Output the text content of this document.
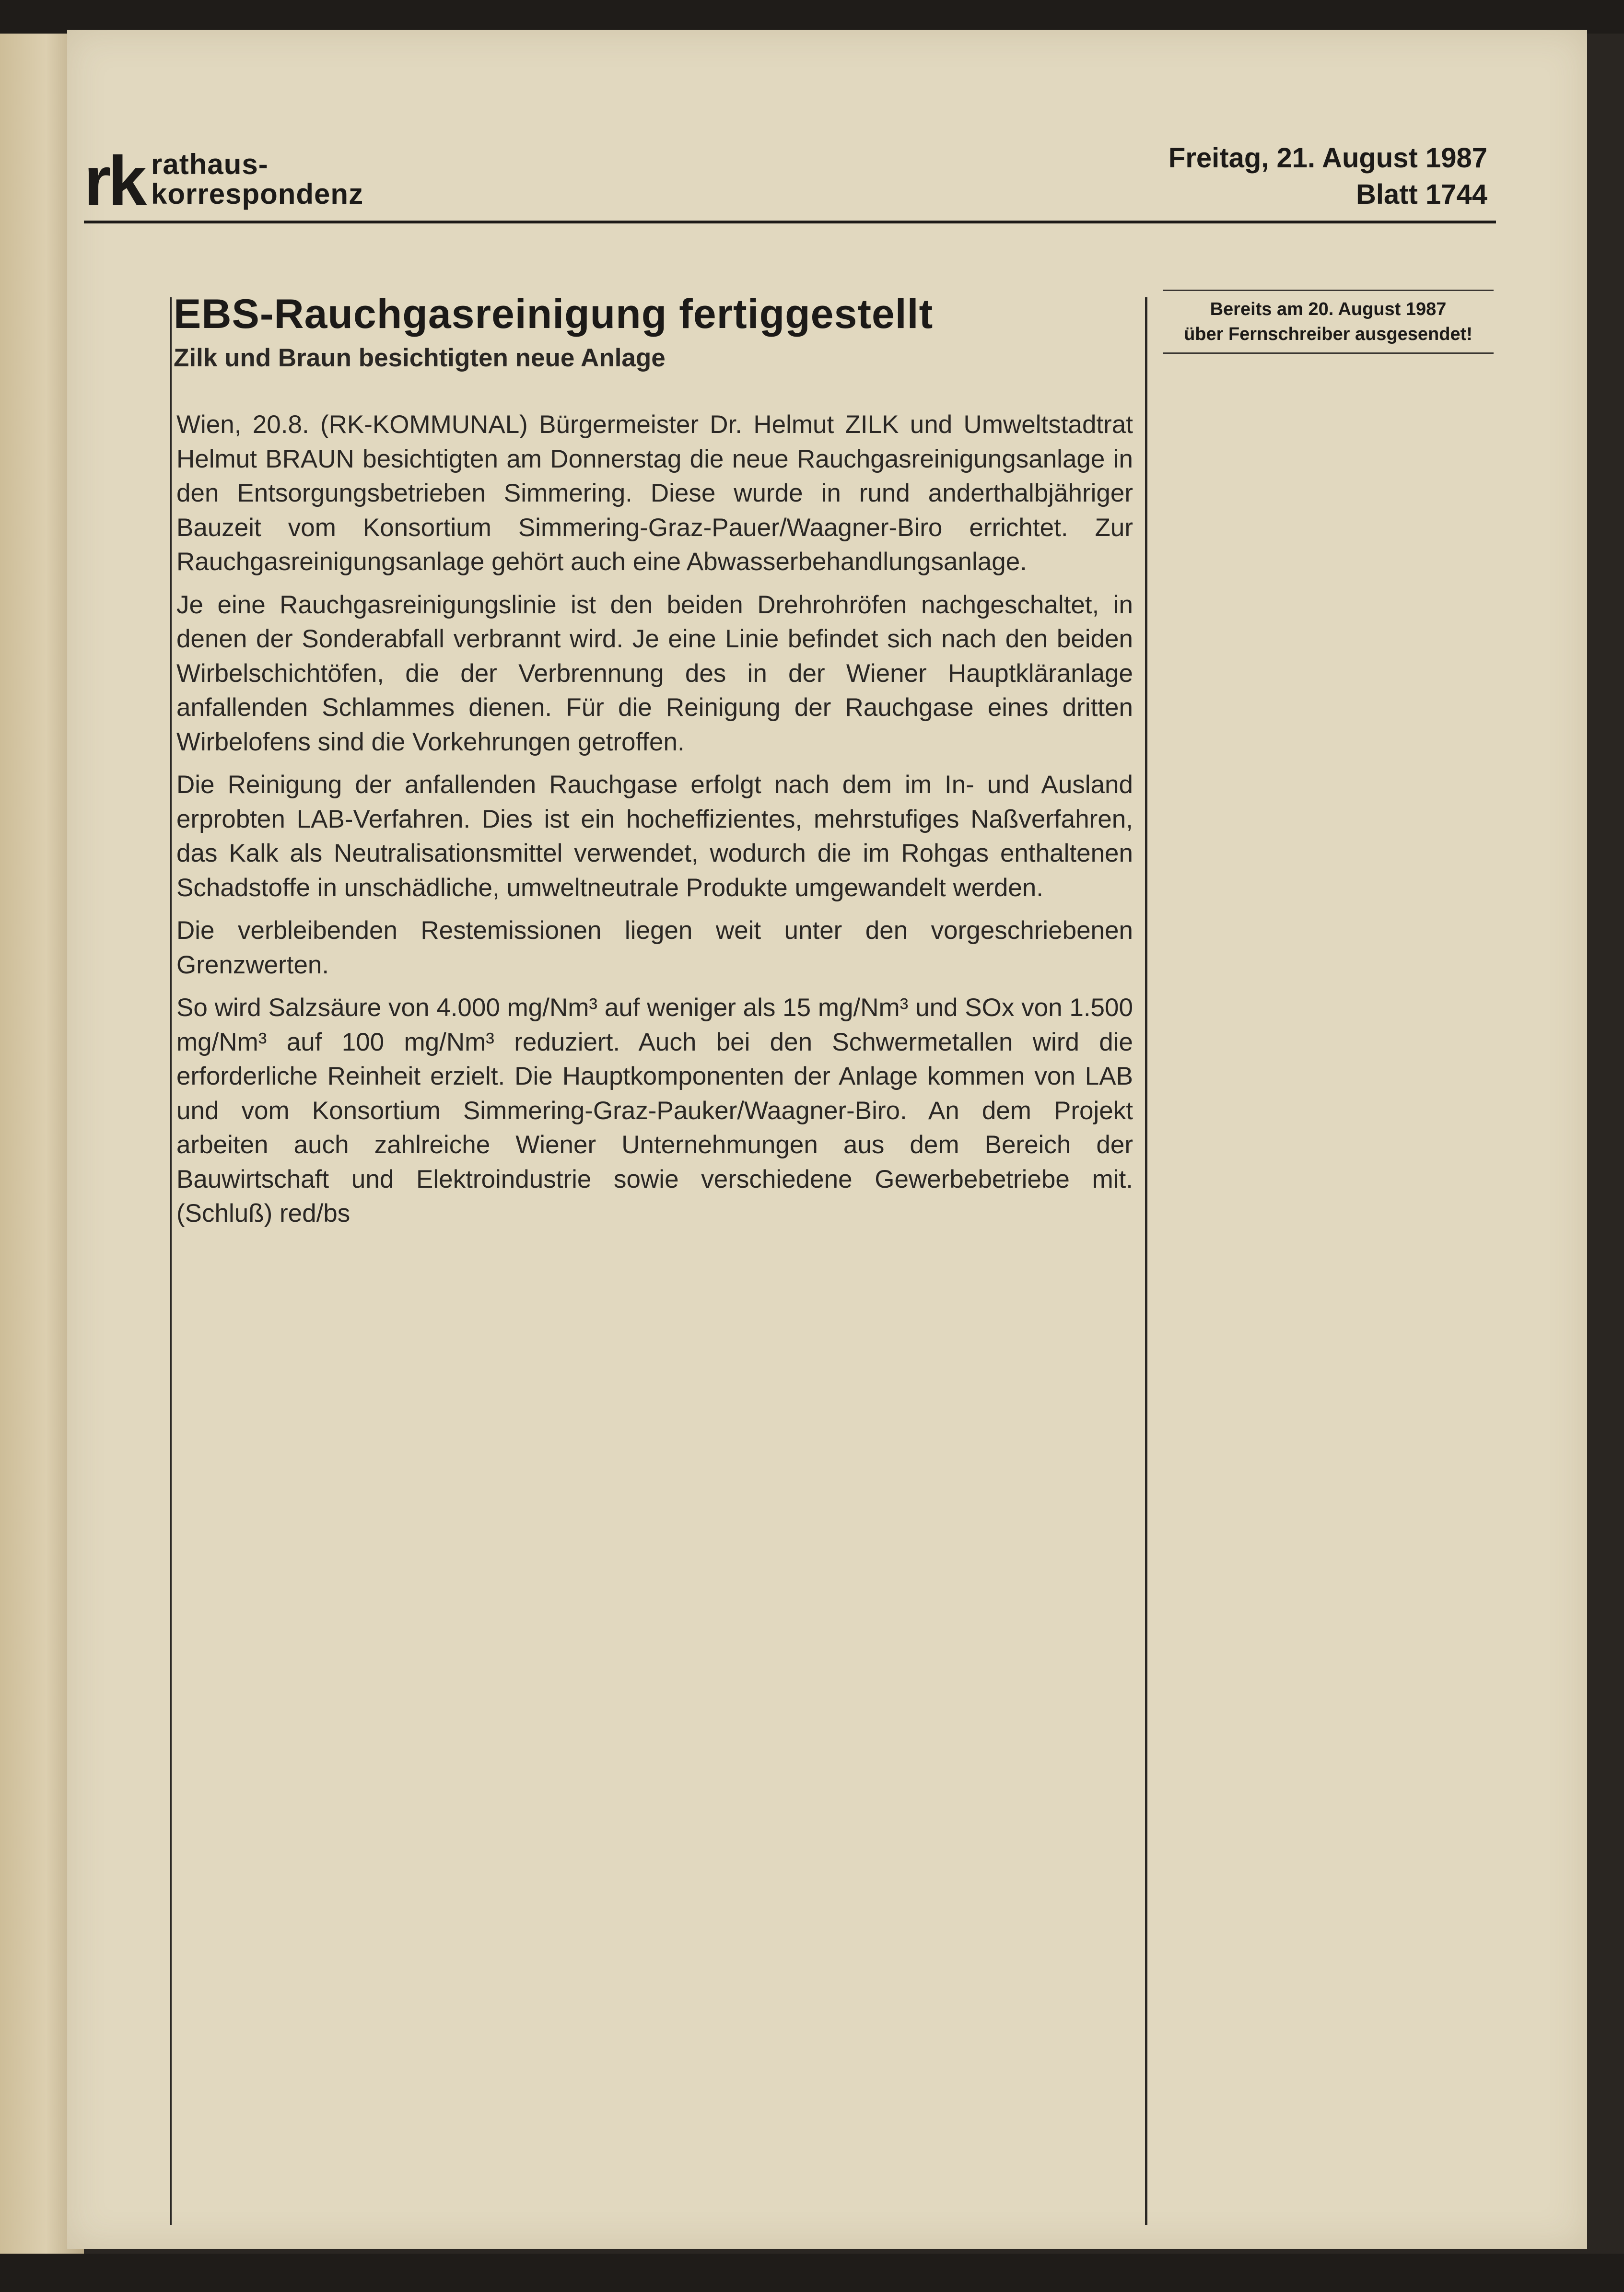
rk rathaus-
korrespondenz
Freitag, 21. August 1987
Blatt 1744
EBS-Rauchgasreinigung fertiggestellt
Zilk und Braun besichtigten neue Anlage

Wien, 20.8. (RK-KOMMUNAL) Bürgermeister Dr. Helmut ZILK und Umweltstadtrat Helmut BRAUN besichtigten am Donnerstag die neue Rauchgasreinigungsanlage in den Entsorgungsbetrieben Simmering. Diese wurde in rund anderthalbjähriger Bauzeit vom Konsortium Simmering-Graz-Pauer/Waagner-Biro errichtet. Zur Rauchgasreinigungsanlage gehört auch eine Abwasserbehandlungsanlage.

Je eine Rauchgasreinigungslinie ist den beiden Drehrohröfen nachgeschaltet, in denen der Sonderabfall verbrannt wird. Je eine Linie befindet sich nach den beiden Wirbelschichtöfen, die der Verbrennung des in der Wiener Hauptkläranlage anfallenden Schlammes dienen. Für die Reinigung der Rauchgase eines dritten Wirbelofens sind die Vorkehrungen getroffen.

Die Reinigung der anfallenden Rauchgase erfolgt nach dem im In- und Ausland erprobten LAB-Verfahren. Dies ist ein hocheffizientes, mehrstufiges Naßverfahren, das Kalk als Neutralisationsmittel verwendet, wodurch die im Rohgas enthaltenen Schadstoffe in unschädliche, umweltneutrale Produkte umgewandelt werden.

Die verbleibenden Restemissionen liegen weit unter den vorgeschriebenen Grenzwerten.

So wird Salzsäure von 4.000 mg/Nm³ auf weniger als 15 mg/Nm³ und SOx von 1.500 mg/Nm³ auf 100 mg/Nm³ reduziert. Auch bei den Schwermetallen wird die erforderliche Reinheit erzielt. Die Hauptkomponenten der Anlage kommen von LAB und vom Konsortium Simmering-Graz-Pauker/Waagner-Biro. An dem Projekt arbeiten auch zahlreiche Wiener Unternehmungen aus dem Bereich der Bauwirtschaft und Elektroindustrie sowie verschiedene Gewerbebetriebe mit. (Schluß) red/bs

Bereits am 20. August 1987
über Fernschreiber ausgesendet!
